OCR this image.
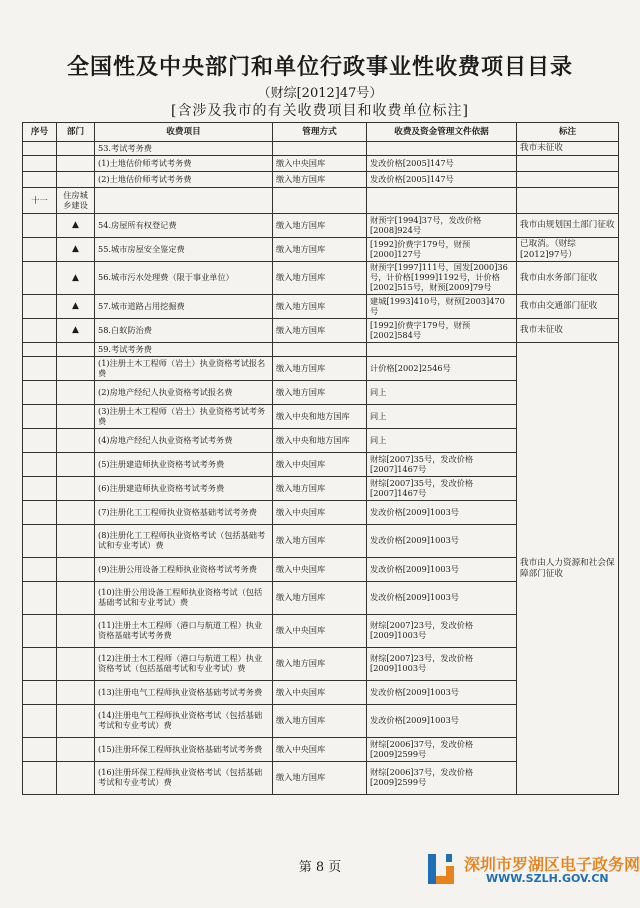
全国性及中央部门和单位行政事业性收费项目目录
（财综[2012]47号）
[含涉及我市的有关收费项目和收费单位标注]
序号	部门	收费项目	管理方式	收费及资金管理文件依据	标注
		53.考试考务费			我市未征收
		(1)土地估价师考试考务费	缴入中央国库	发改价格[2005]147号	
		(2)土地估价师考试考务费	缴入地方国库	发改价格[2005]147号	
十一	住房城乡建设				
	▲	54.房屋所有权登记费	缴入地方国库	财预字[1994]37号，发改价格[2008]924号	我市由规划国土部门征收
	▲	55.城市房屋安全鉴定费	缴入地方国库	[1992]价费字179号，财预[2000]127号	已取消。（财综[2012]97号）
	▲	56.城市污水处理费（限于事业单位）	缴入地方国库	财预字[1997]111号，国发[2000]36号，计价格[1999]1192号，计价格[2002]515号，财预[2009]79号	我市由水务部门征收
	▲	57.城市道路占用挖掘费	缴入地方国库	建城[1993]410号，财预[2003]470号	我市由交通部门征收
	▲	58.白蚁防治费	缴入地方国库	[1992]价费字179号，财预[2002]584号	我市未征收
		59.考试考务费			我市由人力资源和社会保障部门征收
		(1)注册土木工程师（岩土）执业资格考试报名费	缴入地方国库	计价格[2002]2546号	
		(2)房地产经纪人执业资格考试报名费	缴入地方国库	同上	
		(3)注册土木工程师（岩土）执业资格考试考务费	缴入中央和地方国库	同上	
		(4)房地产经纪人执业资格考试考务费	缴入中央和地方国库	同上	
		(5)注册建造师执业资格考试考务费	缴入中央国库	财综[2007]35号，发改价格[2007]1467号	
		(6)注册建造师执业资格考试考务费	缴入地方国库	财综[2007]35号，发改价格[2007]1467号	
		(7)注册化工工程师执业资格基础考试考务费	缴入中央国库	发改价格[2009]1003号	
		(8)注册化工工程师执业资格考试（包括基础考试和专业考试）费	缴入地方国库	发改价格[2009]1003号	
		(9)注册公用设备工程师执业资格考试考务费	缴入中央国库	发改价格[2009]1003号	
		(10)注册公用设备工程师执业资格考试（包括基础考试和专业考试）费	缴入地方国库	发改价格[2009]1003号	
		(11)注册土木工程师（港口与航道工程）执业资格基础考试考务费	缴入中央国库	财综[2007]23号，发改价格[2009]1003号	
		(12)注册土木工程师（港口与航道工程）执业资格考试（包括基础考试和专业考试）费	缴入地方国库	财综[2007]23号，发改价格[2009]1003号	
		(13)注册电气工程师执业资格基础考试考务费	缴入中央国库	发改价格[2009]1003号	
		(14)注册电气工程师执业资格考试（包括基础考试和专业考试）费	缴入地方国库	发改价格[2009]1003号	
		(15)注册环保工程师执业资格基础考试考务费	缴入中央国库	财综[2006]37号，发改价格[2009]2599号	
		(16)注册环保工程师执业资格考试（包括基础考试和专业考试）费	缴入地方国库	财综[2006]37号，发改价格[2009]2599号	
第 8 页	深圳市罗湖区电子政务网
WWW.SZLH.GOV.CN
